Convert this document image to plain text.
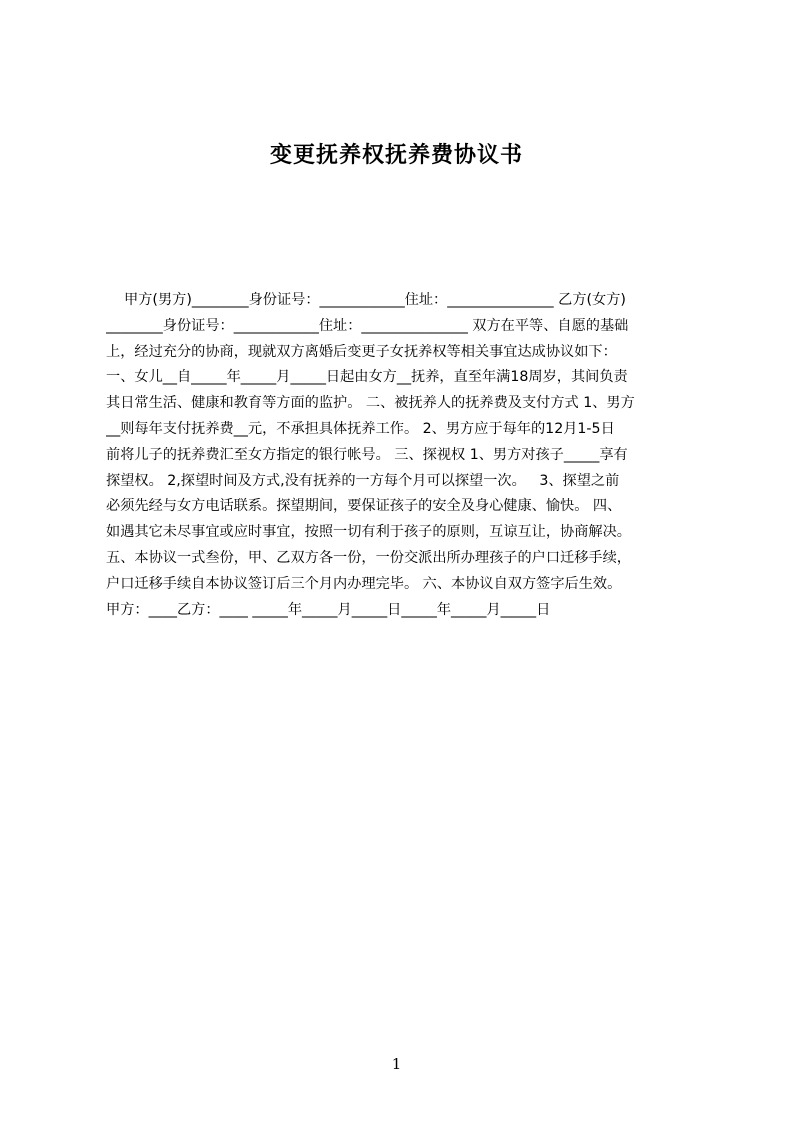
变更抚养权抚养费协议书
甲方(男方)________身份证号：____________住址：_______________ 乙方(女方)
________身份证号：____________住址：_______________ 双方在平等、自愿的基础
上，经过充分的协商，现就双方离婚后变更子女抚养权等相关事宜达成协议如下：
一、女儿__自_____年_____月_____日起由女方__抚养，直至年满18周岁，其间负责
其日常生活、健康和教育等方面的监护。 二、被抚养人的抚养费及支付方式 1、男方
__则每年支付抚养费__元，不承担具体抚养工作。 2、男方应于每年的12月1-5日
前将儿子的抚养费汇至女方指定的银行帐号。 三、探视权 1、男方对孩子_____享有
探望权。 2,探望时间及方式,没有抚养的一方每个月可以探望一次。   3、探望之前
必须先经与女方电话联系。探望期间，要保证孩子的安全及身心健康、愉快。 四、
如遇其它未尽事宜或应时事宜，按照一切有利于孩子的原则，互谅互让，协商解决。
五、本协议一式叁份，甲、乙双方各一份，一份交派出所办理孩子的户口迁移手续，
户口迁移手续自本协议签订后三个月内办理完毕。 六、本协议自双方签字后生效。
甲方：____乙方：____ _____年_____月_____日_____年_____月_____日
1
